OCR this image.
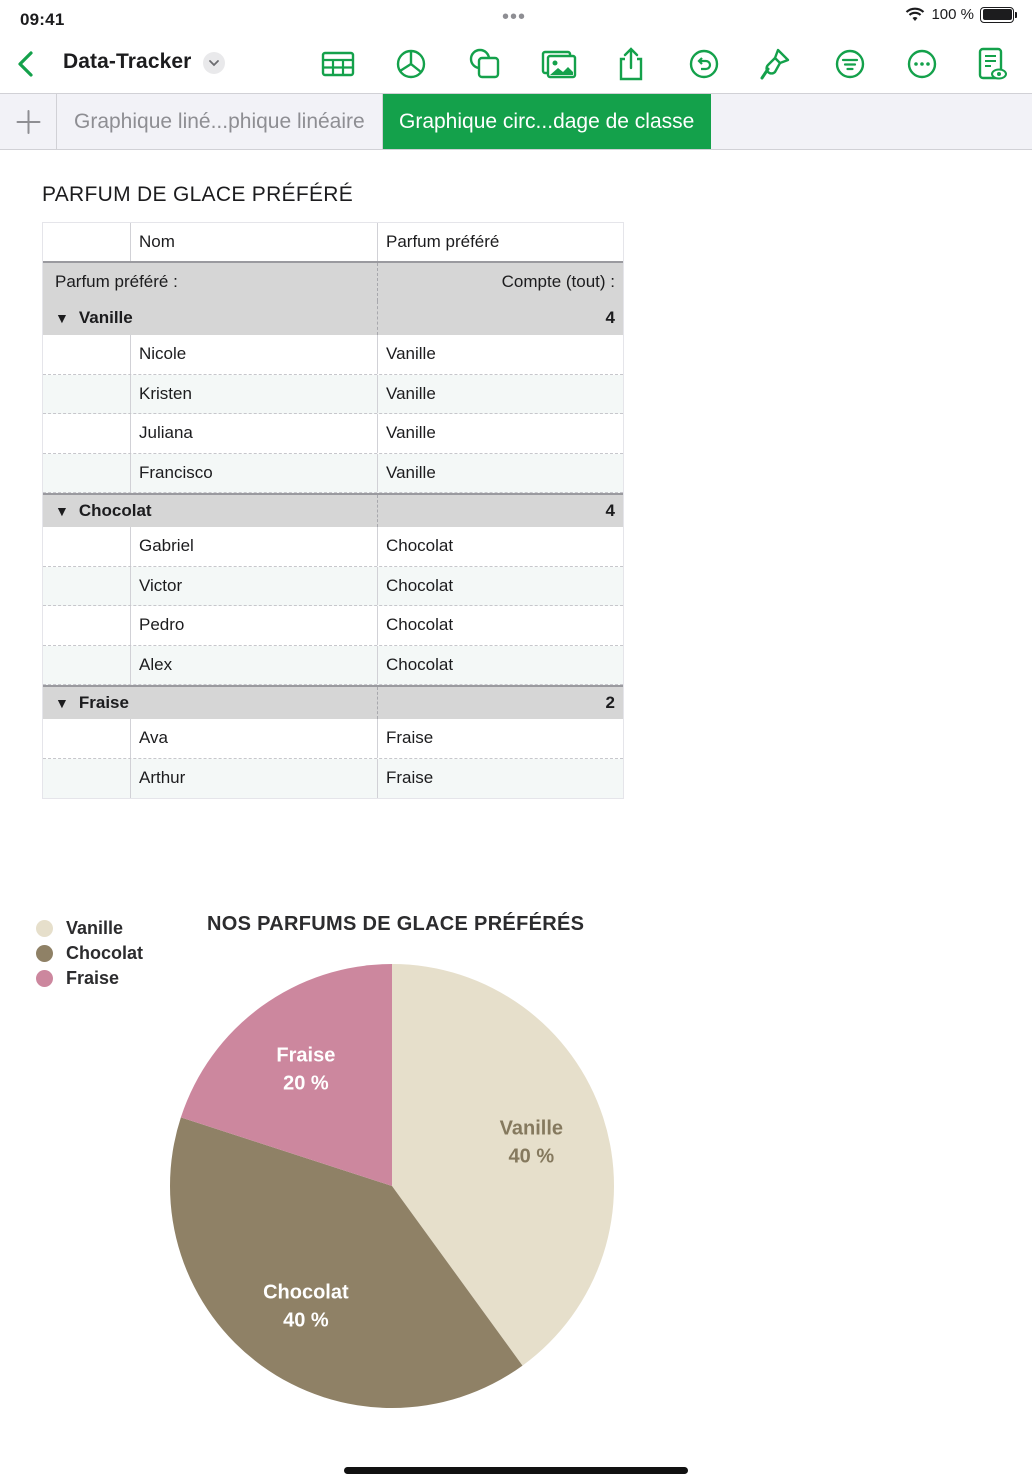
09:41	•••	100 %
Data-Tracker
Graphique liné...phique linéaire	Graphique circ...dage de classe
PARFUM DE GLACE PRÉFÉRÉ
Nom	Parfum préféré
Parfum préféré :	Compte (tout) :
▼ Vanille	4
Nicole	Vanille
Kristen	Vanille
Juliana	Vanille
Francisco	Vanille
▼ Chocolat	4
Gabriel	Chocolat
Victor	Chocolat
Pedro	Chocolat
Alex	Chocolat
▼ Fraise	2
Ava	Fraise
Arthur	Fraise
Vanille
Chocolat
Fraise
NOS PARFUMS DE GLACE PRÉFÉRÉS
Vanille
40 %
Chocolat
40 %
Fraise
20 %
